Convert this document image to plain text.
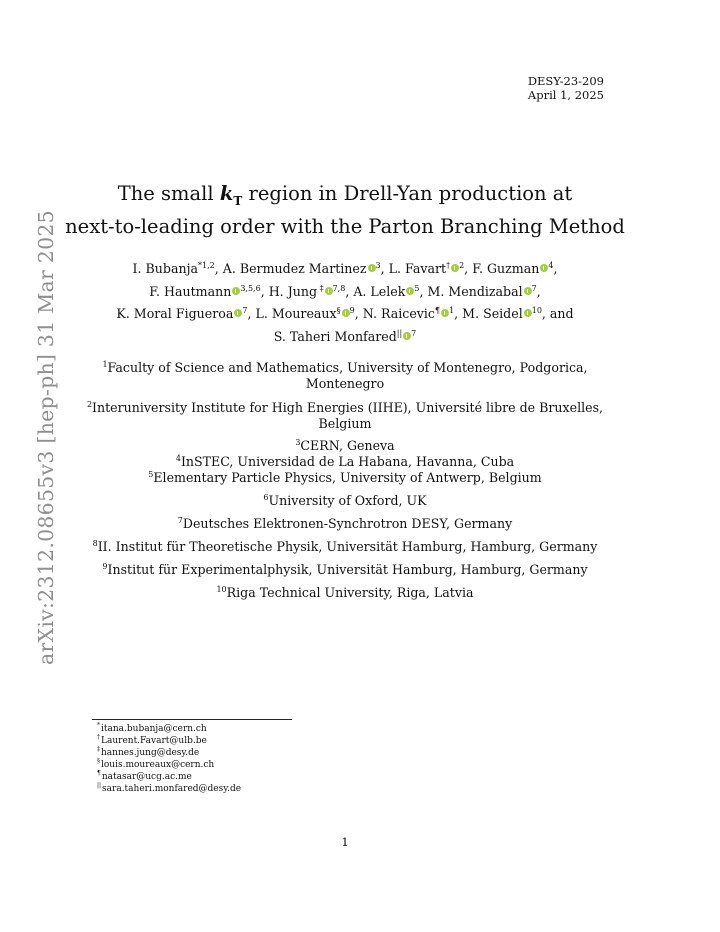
DESY-23-209
April 1, 2025
arXiv:2312.08655v3 [hep-ph] 31 Mar 2025
The small $k_T$ region in Drell-Yan production at
next-to-leading order with the Parton Branching Method
I. Bubanja$^{*1,2}$, A. Bermudez Martinez $^3$, L. Favart† $^2$, F. Guzman $^4$,
F. Hautmann $^{3,5,6}$, H. Jung ‡ $^{7,8}$, A. Lelek $^5$, M. Mendizabal $^7$,
K. Moral Figueroa $^7$, L. Moureaux§ $^9$, N. Raicevic¶ $^1$, M. Seidel $^{10}$, and
S. Taheri Monfared|| $^7$
$^1$Faculty of Science and Mathematics, University of Montenegro, Podgorica, Montenegro
$^2$Interuniversity Institute for High Energies (IIHE), Université libre de Bruxelles, Belgium
$^3$CERN, Geneva
$^4$InSTEC, Universidad de La Habana, Havanna, Cuba
$^5$Elementary Particle Physics, University of Antwerp, Belgium
$^6$University of Oxford, UK
$^7$Deutsches Elektronen-Synchrotron DESY, Germany
$^8$II. Institut für Theoretische Physik, Universität Hamburg, Hamburg, Germany
$^9$Institut für Experimentalphysik, Universität Hamburg, Hamburg, Germany
$^{10}$Riga Technical University, Riga, Latvia
*itana.bubanja@cern.ch
†Laurent.Favart@ulb.be
‡hannes.jung@desy.de
§louis.moureaux@cern.ch
¶natasar@ucg.ac.me
||sara.taheri.monfared@desy.de
1
